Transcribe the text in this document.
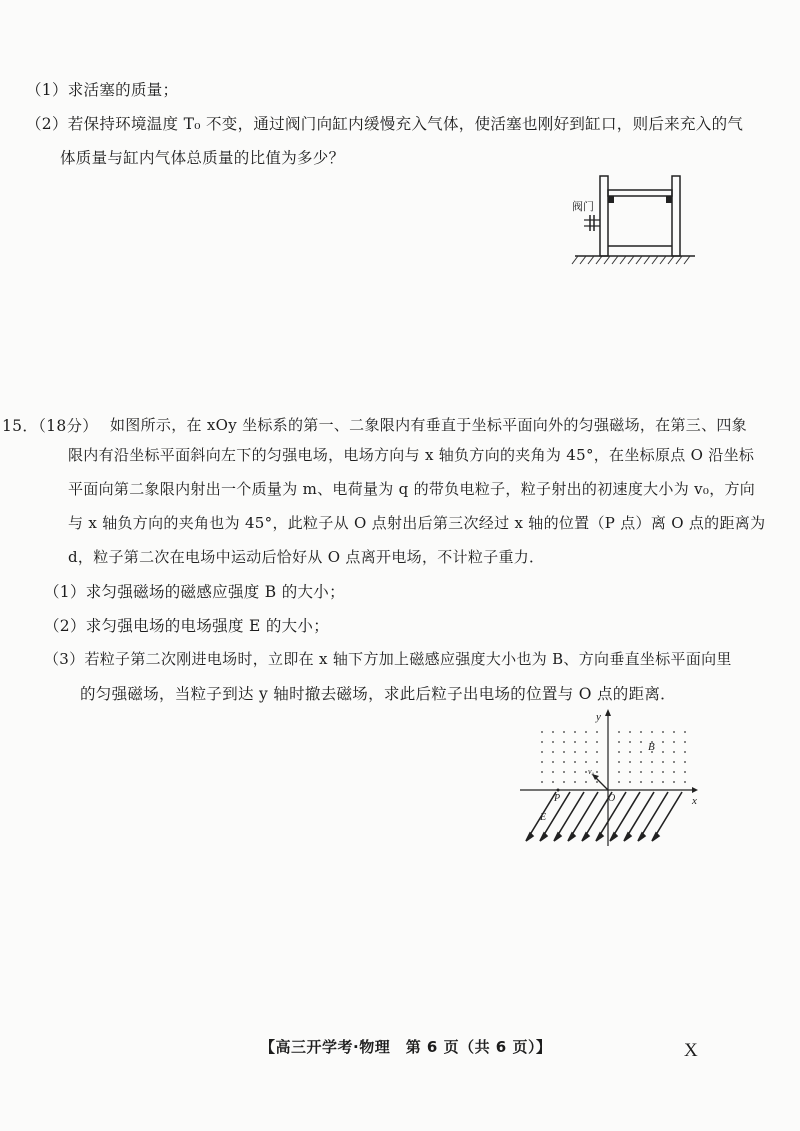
（1）求活塞的质量；
（2）若保持环境温度 T₀ 不变，通过阀门向缸内缓慢充入气体，使活塞也刚好到缸口，则后来充入的气
体质量与缸内气体总质量的比值为多少？
阀门
15．（18分） 如图所示，在 xOy 坐标系的第一、二象限内有垂直于坐标平面向外的匀强磁场，在第三、四象
限内有沿坐标平面斜向左下的匀强电场，电场方向与 x 轴负方向的夹角为 45°，在坐标原点 O 沿坐标
平面向第二象限内射出一个质量为 m、电荷量为 q 的带负电粒子，粒子射出的初速度大小为 v₀，方向
与 x 轴负方向的夹角也为 45°，此粒子从 O 点射出后第三次经过 x 轴的位置（P 点）离 O 点的距离为
d，粒子第二次在电场中运动后恰好从 O 点离开电场，不计粒子重力．
（1）求匀强磁场的磁感应强度 B 的大小；
（2）求匀强电场的电场强度 E 的大小；
（3）若粒子第二次刚进电场时，立即在 x 轴下方加上磁感应强度大小也为 B、方向垂直坐标平面向里
的匀强磁场，当粒子到达 y 轴时撤去磁场，求此后粒子出电场的位置与 O 点的距离．
y
x
B
v₀
P	O
E
【高三开学考·物理　第 6 页（共 6 页）】	X
